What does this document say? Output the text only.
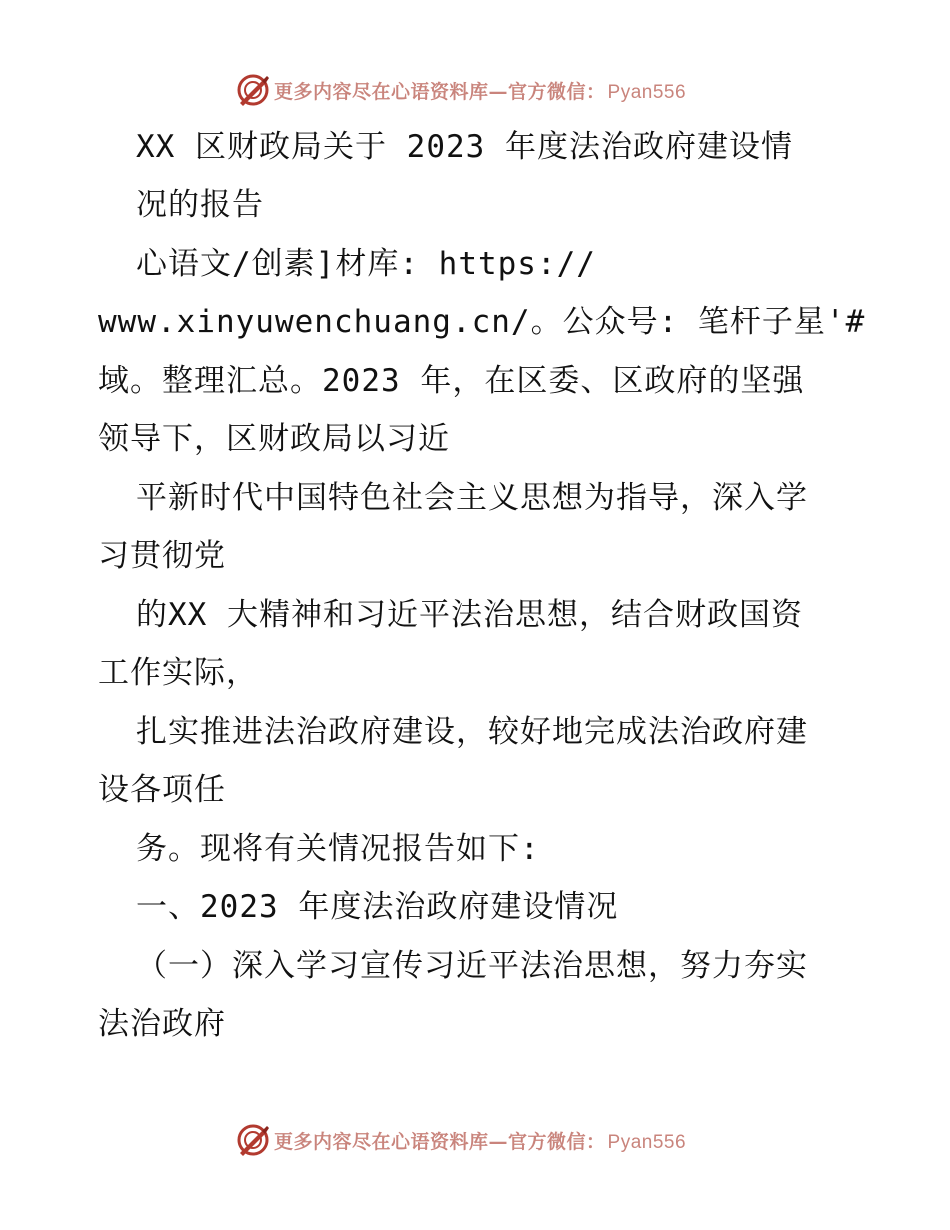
更多内容尽在心语资料库—官方微信： Pyan556
XX 区财政局关于 2023 年度法治政府建设情
况的报告
心语文/创素]材库: https://
www.xinyuwenchuang.cn/。公众号: 笔杆子星'#
域。整理汇总。2023 年，在区委、区政府的坚强
领导下，区财政局以习近
平新时代中国特色社会主义思想为指导，深入学
习贯彻党
的XX 大精神和习近平法治思想，结合财政国资
工作实际，
扎实推进法治政府建设，较好地完成法治政府建
设各项任
务。现将有关情况报告如下:
一、2023 年度法治政府建设情况
（一）深入学习宣传习近平法治思想，努力夯实
法治政府
更多内容尽在心语资料库—官方微信： Pyan556
